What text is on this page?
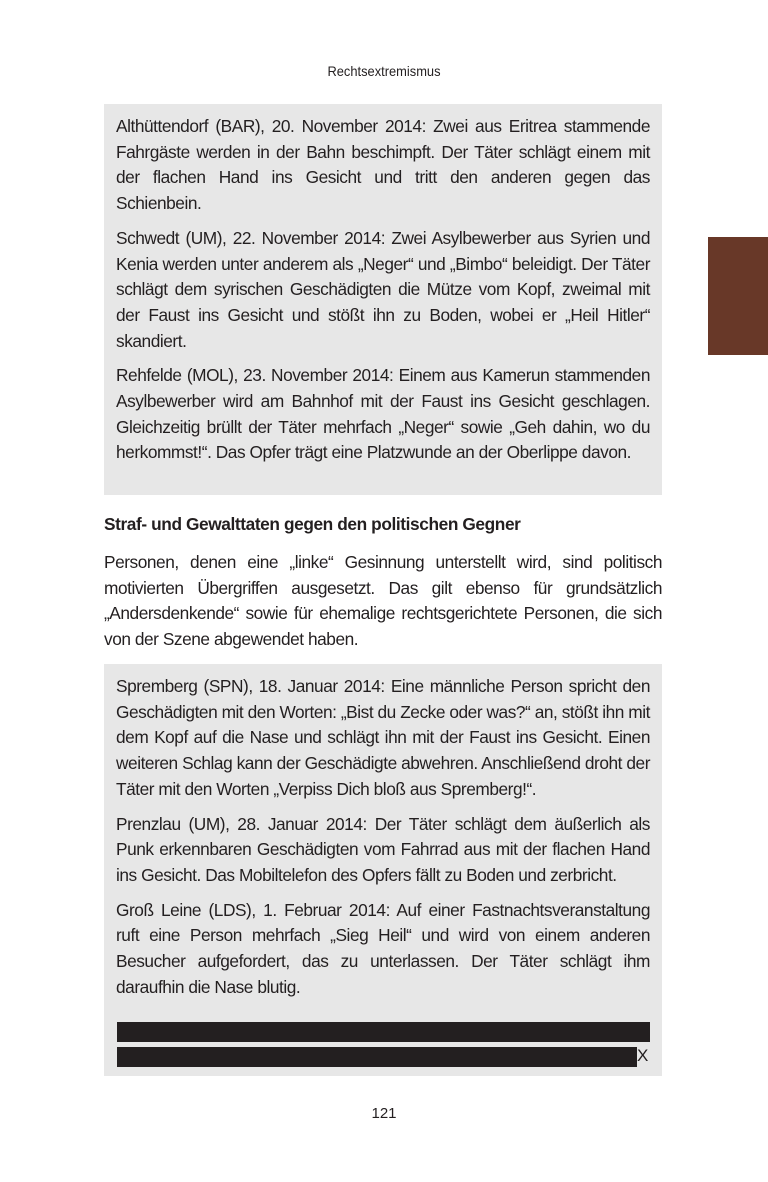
Rechtsextremismus

Althüttendorf (BAR), 20. November 2014: Zwei aus Eritrea stammende Fahrgäste werden in der Bahn beschimpft. Der Täter schlägt einem mit der flachen Hand ins Gesicht und tritt den anderen gegen das Schienbein.

Schwedt (UM), 22. November 2014: Zwei Asylbewerber aus Syrien und Kenia werden unter anderem als „Neger“ und „Bimbo“ beleidigt. Der Täter schlägt dem syrischen Geschädigten die Mütze vom Kopf, zweimal mit der Faust ins Gesicht und stößt ihn zu Boden, wobei er „Heil Hitler“ skandiert.

Rehfelde (MOL), 23. November 2014: Einem aus Kamerun stammenden Asylbewerber wird am Bahnhof mit der Faust ins Gesicht geschlagen. Gleichzeitig brüllt der Täter mehrfach „Neger“ sowie „Geh dahin, wo du herkommst!“. Das Opfer trägt eine Platzwunde an der Oberlippe davon.

Straf- und Gewalttaten gegen den politischen Gegner

Personen, denen eine „linke“ Gesinnung unterstellt wird, sind politisch motivierten Übergriffen ausgesetzt. Das gilt ebenso für grundsätzlich „Andersdenkende“ sowie für ehemalige rechtsgerichtete Personen, die sich von der Szene abgewendet haben.

Spremberg (SPN), 18. Januar 2014: Eine männliche Person spricht den Geschädigten mit den Worten: „Bist du Zecke oder was?“ an, stößt ihn mit dem Kopf auf die Nase und schlägt ihn mit der Faust ins Gesicht. Einen weiteren Schlag kann der Geschädigte abwehren. Anschließend droht der Täter mit den Worten „Verpiss Dich bloß aus Spremberg!“.

Prenzlau (UM), 28. Januar 2014: Der Täter schlägt dem äußerlich als Punk erkennbaren Geschädigten vom Fahrrad aus mit der flachen Hand ins Gesicht. Das Mobiltelefon des Opfers fällt zu Boden und zerbricht.

Groß Leine (LDS), 1. Februar 2014: Auf einer Fastnachtsveranstaltung ruft eine Person mehrfach „Sieg Heil“ und wird von einem anderen Besucher aufgefordert, das zu unterlassen. Der Täter schlägt ihm daraufhin die Nase blutig.

X
121
